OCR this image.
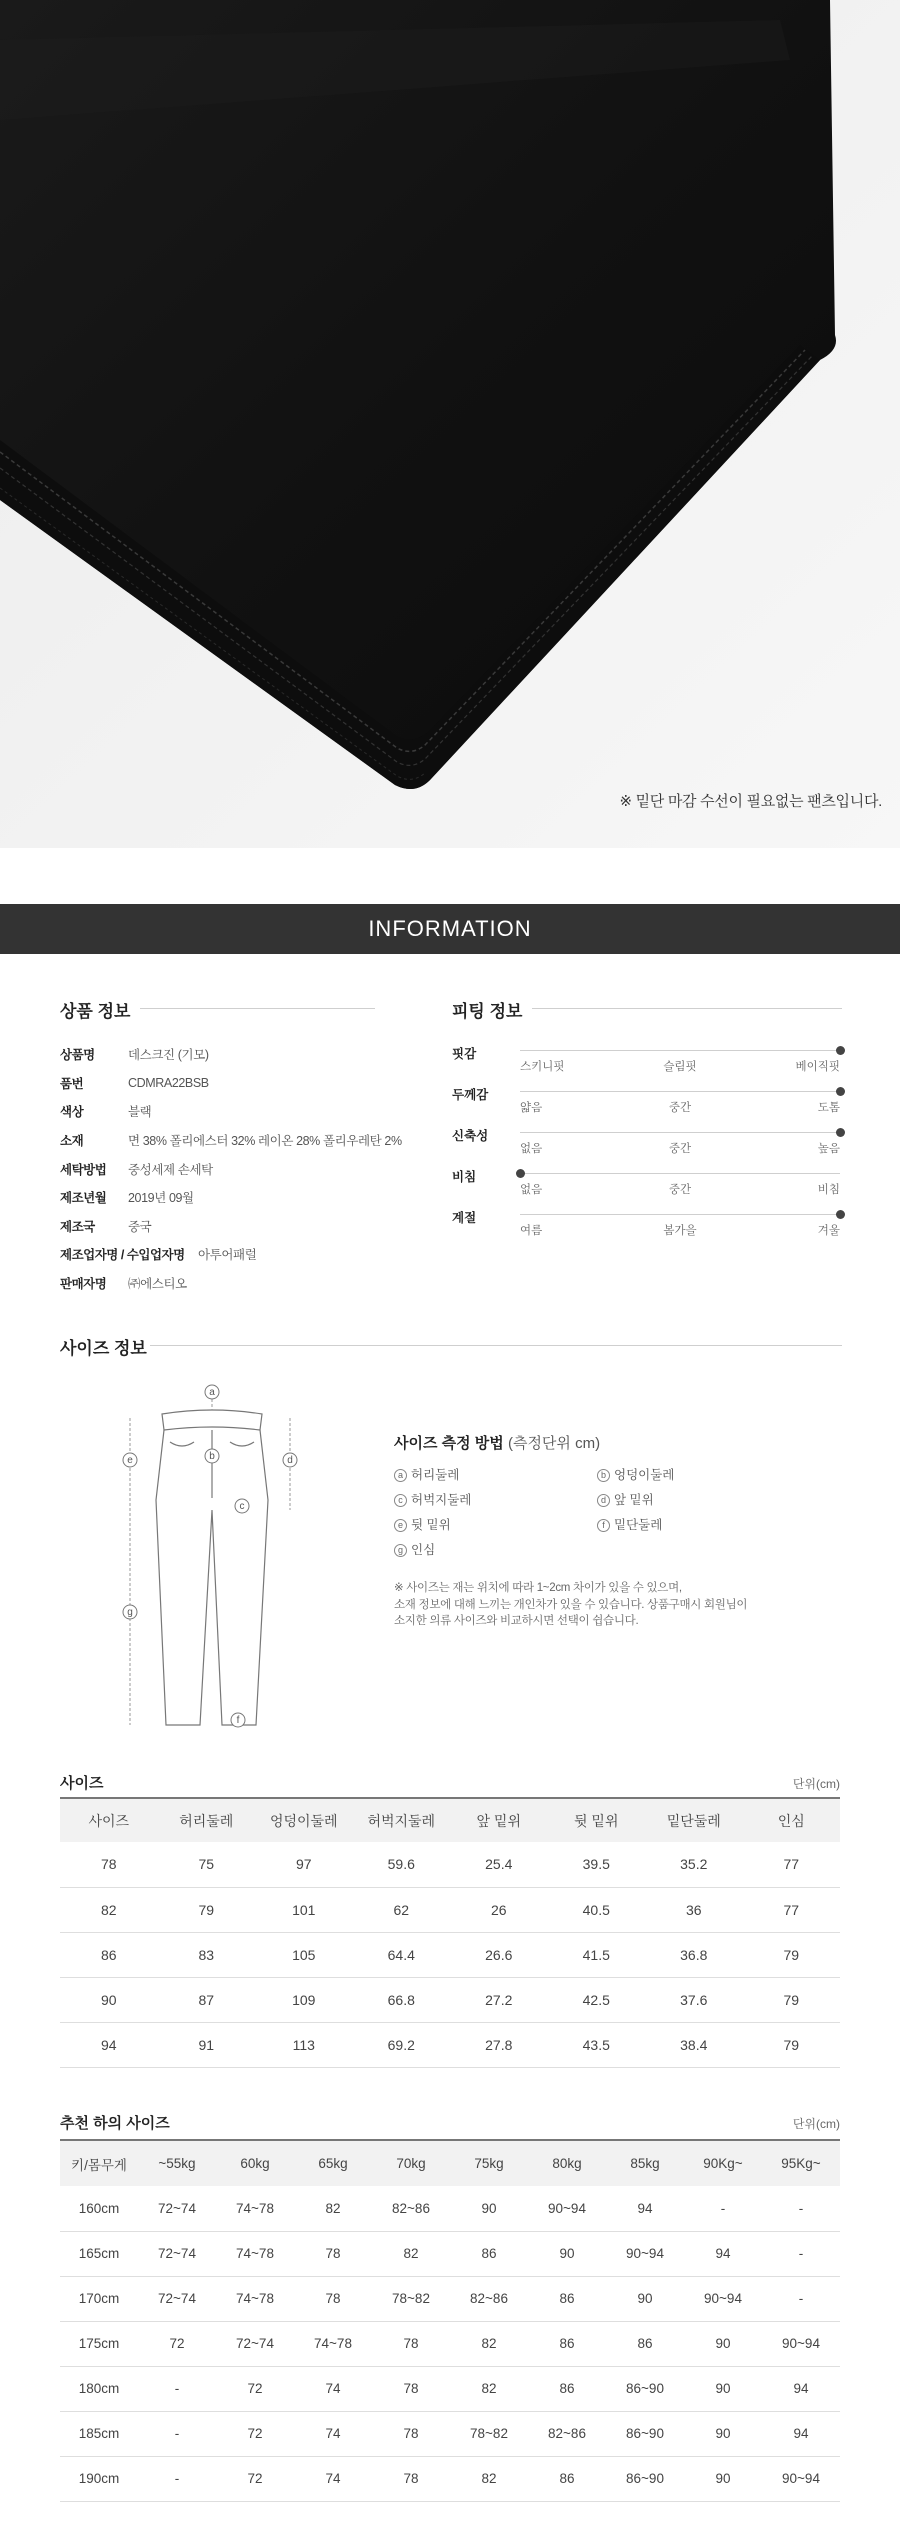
※ 밑단 마감 수선이 필요없는 팬츠입니다.
INFORMATION
상품 정보
상품명	데스크진 (기모)
품번	CDMRA22BSB
색상	블랙
소재	면 38% 폴리에스터 32% 레이온 28% 폴리우레탄 2%
세탁방법	중성세제 손세탁
제조년월	2019년 09월
제조국	중국
제조업자명 / 수입업자명	아투어패럴
판매자명	㈜에스티오
피팅 정보
핏감
스키니핏	슬림핏	베이직핏
두께감
얇음	중간	도톰
신축성
없음	중간	높음
비침
없음	중간	비침
계절
여름	봄가을	겨울
사이즈 정보
a
b
c
d
e
f
g
사이즈 측정 방법 (측정단위 cm)
a 허리둘레	b 엉덩이둘레
c 허벅지둘레	d 앞 밑위
e 뒷 밑위	f 밑단둘레
g 인심
※ 사이즈는 재는 위치에 따라 1~2cm 차이가 있을 수 있으며,
소재 정보에 대해 느끼는 개인차가 있을 수 있습니다. 상품구매시 회원님이
소지한 의류 사이즈와 비교하시면 선택이 쉽습니다.
사이즈	단위(cm)
사이즈	허리둘레	엉덩이둘레	허벅지둘레	앞 밑위	뒷 밑위	밑단둘레	인심
78	75	97	59.6	25.4	39.5	35.2	77
82	79	101	62	26	40.5	36	77
86	83	105	64.4	26.6	41.5	36.8	79
90	87	109	66.8	27.2	42.5	37.6	79
94	91	113	69.2	27.8	43.5	38.4	79
추천 하의 사이즈	단위(cm)
키/몸무게	~55kg	60kg	65kg	70kg	75kg	80kg	85kg	90Kg~	95Kg~
160cm	72~74	74~78	82	82~86	90	90~94	94	-	-
165cm	72~74	74~78	78	82	86	90	90~94	94	-
170cm	72~74	74~78	78	78~82	82~86	86	90	90~94	-
175cm	72	72~74	74~78	78	82	86	86	90	90~94
180cm	-	72	74	78	82	86	86~90	90	94
185cm	-	72	74	78	78~82	82~86	86~90	90	94
190cm	-	72	74	78	82	86	86~90	90	90~94
